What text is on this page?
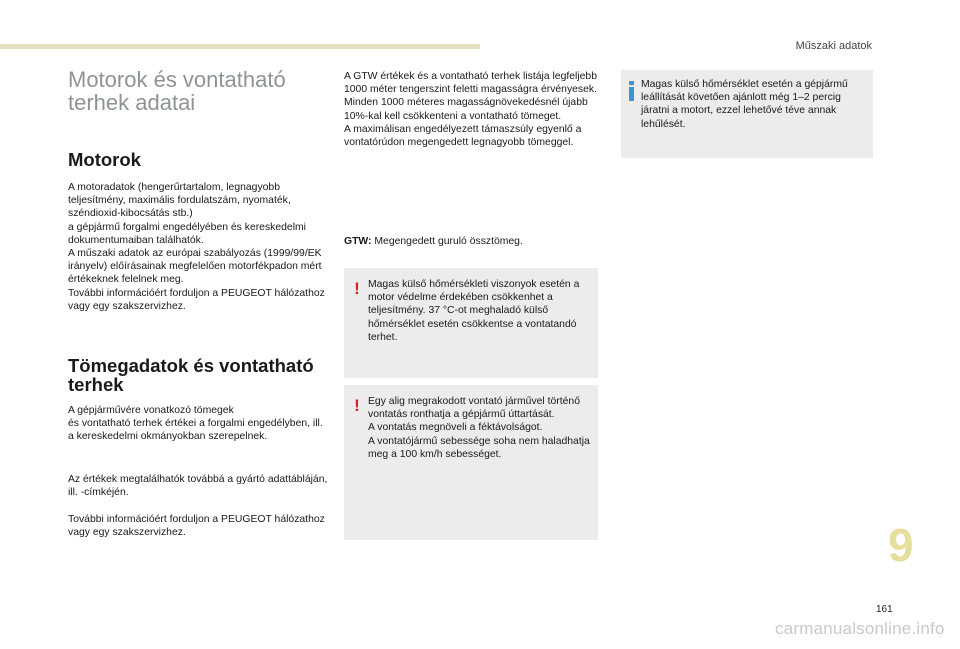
Műszaki adatok
Motorok és vontatható
terhek adatai
Motorok

A motoradatok (hengerűrtartalom, legnagyobb teljesítmény, maximális fordulatszám, nyomaték, széndioxid-kibocsátás stb.)
a gépjármű forgalmi engedélyében és kereskedelmi dokumentumaiban találhatók.
A műszaki adatok az európai szabályozás (1999/99/EK irányelv) előírásainak megfelelően motorfékpadon mért értékeknek felelnek meg.
További információért forduljon a PEUGEOT hálózathoz vagy egy szakszervizhez.

Tömegadatok és vontatható terhek

A gépjárművére vonatkozó tömegek
és vontatható terhek értékei a forgalmi engedélyben, ill. a kereskedelmi okmányokban szerepelnek.

Az értékek megtalálhatók továbbá a gyártó adattábláján, ill. -címkéjén.

További információért forduljon a PEUGEOT hálózathoz vagy egy szakszervizhez.

A GTW értékek és a vontatható terhek listája legfeljebb 1000 méter tengerszint feletti magasságra érvényesek. Minden 1000 méteres magasságnövekedésnél újabb 10%-kal kell csökkenteni a vontatható tömeget.
A maximálisan engedélyezett támaszsúly egyenlő a vontatórúdon megengedett legnagyobb tömeggel.

GTW: Megengedett guruló össztömeg.

! Magas külső hőmérsékleti viszonyok esetén a motor védelme érdekében csökkenhet a teljesítmény. 37 °C-ot meghaladó külső hőmérséklet esetén csökkentse a vontatandó terhet.

! Egy alig megrakodott vontató járművel történő vontatás ronthatja a gépjármű úttartását.
A vontatás megnöveli a féktávolságot.
A vontatójármű sebessége soha nem haladhatja meg a 100 km/h sebességet.

Magas külső hőmérséklet esetén a gépjármű leállítását követően ajánlott még 1–2 percig járatni a motort, ezzel lehetővé téve annak lehűlését.

9
161
carmanualsonline.info
